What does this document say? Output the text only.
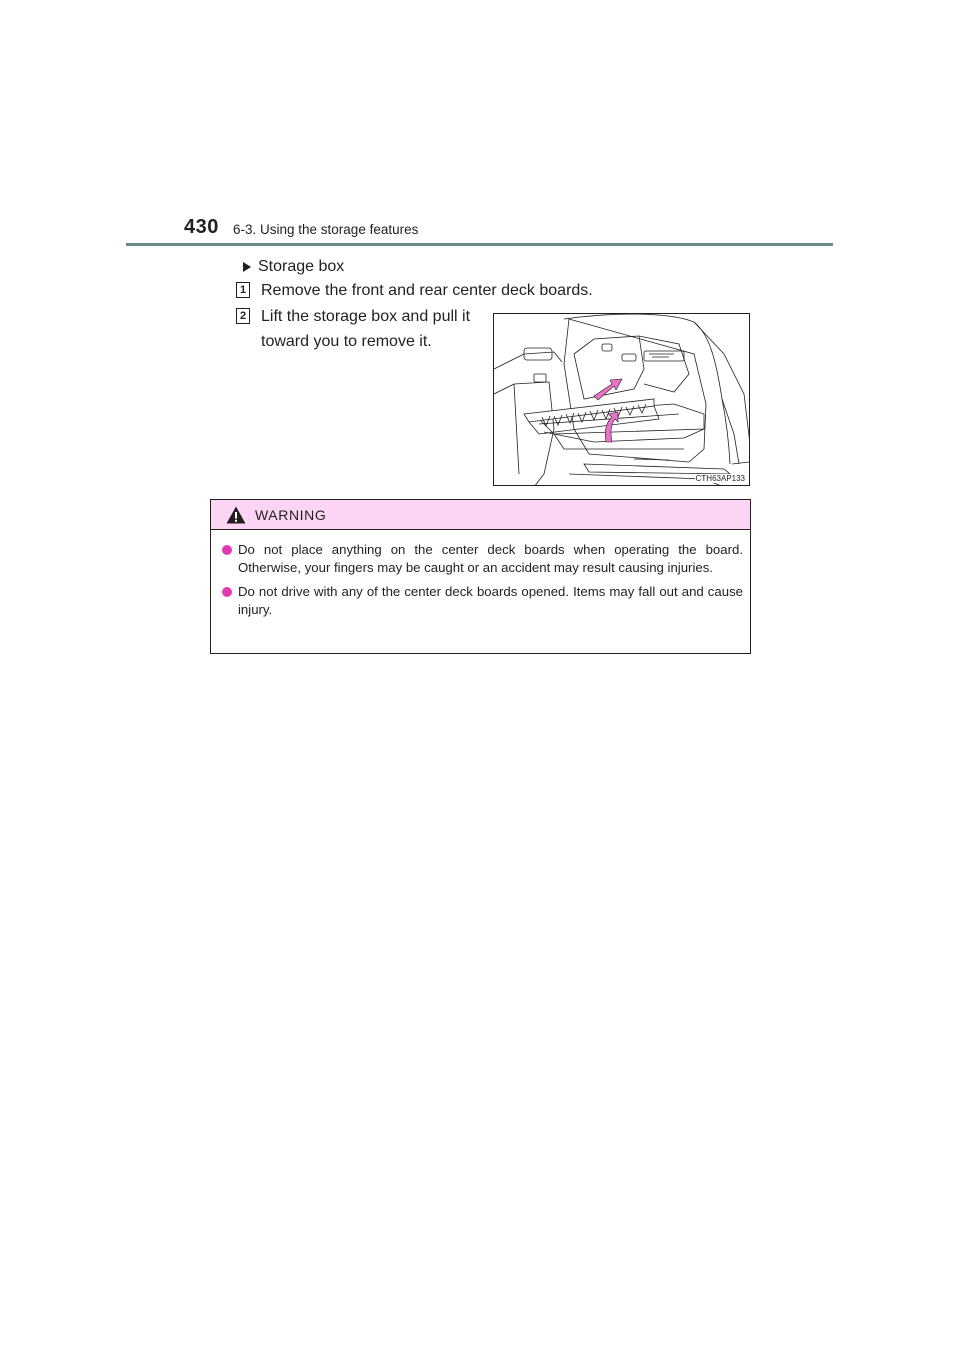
430 6-3. Using the storage features
Storage box
1 Remove the front and rear center deck boards.
2 Lift the storage box and pull it
toward you to remove it.
CTH63AP133
WARNING
Do not place anything on the center deck boards when operating the board. Otherwise, your fingers may be caught or an accident may result causing injuries.
Do not drive with any of the center deck boards opened. Items may fall out and cause injury.
